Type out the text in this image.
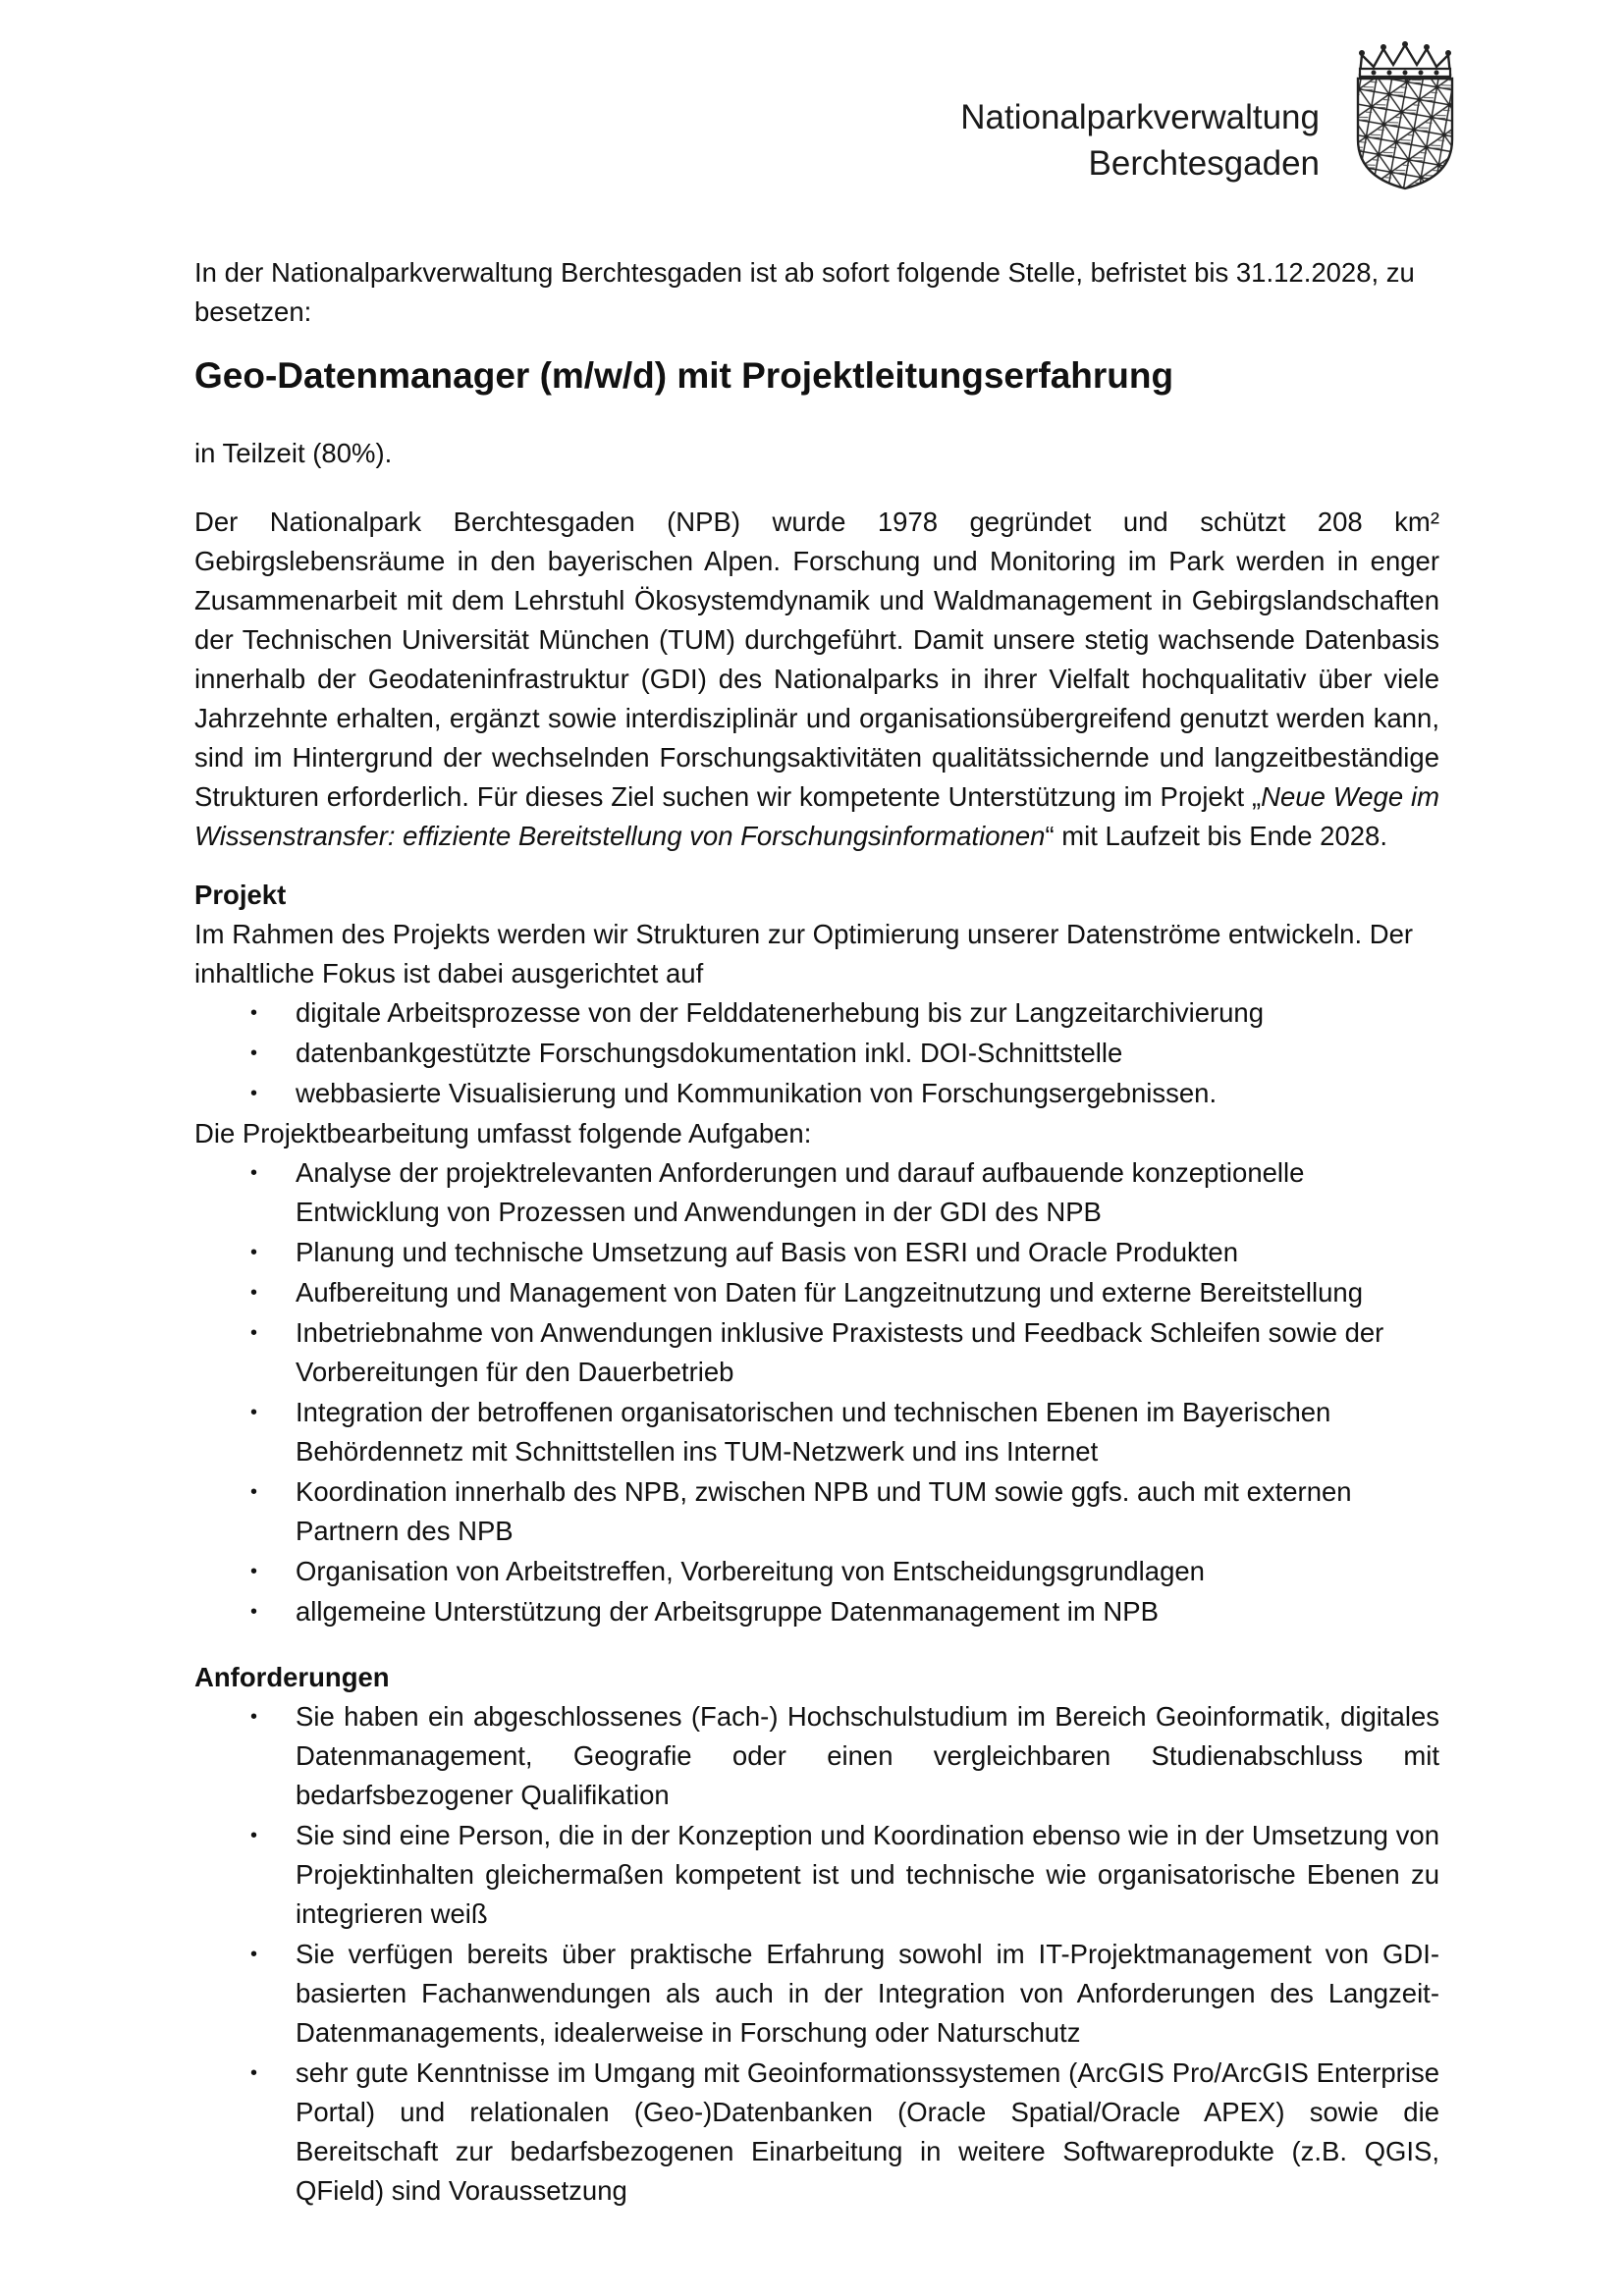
Nationalparkverwaltung
Berchtesgaden

In der Nationalparkverwaltung Berchtesgaden ist ab sofort folgende Stelle, befristet bis 31.12.2028, zu besetzen:

Geo-Datenmanager (m/w/d) mit Projektleitungserfahrung

in Teilzeit (80%).

Der Nationalpark Berchtesgaden (NPB) wurde 1978 gegründet und schützt 208 km² Gebirgslebensräume in den bayerischen Alpen. Forschung und Monitoring im Park werden in enger Zusammenarbeit mit dem Lehrstuhl Ökosystemdynamik und Waldmanagement in Gebirgslandschaften der Technischen Universität München (TUM) durchgeführt. Damit unsere stetig wachsende Datenbasis innerhalb der Geodateninfrastruktur (GDI) des Nationalparks in ihrer Vielfalt hochqualitativ über viele Jahrzehnte erhalten, ergänzt sowie interdisziplinär und organisationsübergreifend genutzt werden kann, sind im Hintergrund der wechselnden Forschungsaktivitäten qualitätssichernde und langzeitbeständige Strukturen erforderlich. Für dieses Ziel suchen wir kompetente Unterstützung im Projekt „Neue Wege im Wissenstransfer: effiziente Bereitstellung von Forschungsinformationen“ mit Laufzeit bis Ende 2028.

Projekt

Im Rahmen des Projekts werden wir Strukturen zur Optimierung unserer Datenströme entwickeln. Der inhaltliche Fokus ist dabei ausgerichtet auf

• digitale Arbeitsprozesse von der Felddatenerhebung bis zur Langzeitarchivierung
• datenbankgestützte Forschungsdokumentation inkl. DOI-Schnittstelle
• webbasierte Visualisierung und Kommunikation von Forschungsergebnissen.

Die Projektbearbeitung umfasst folgende Aufgaben:

• Analyse der projektrelevanten Anforderungen und darauf aufbauende konzeptionelle Entwicklung von Prozessen und Anwendungen in der GDI des NPB
• Planung und technische Umsetzung auf Basis von ESRI und Oracle Produkten
• Aufbereitung und Management von Daten für Langzeitnutzung und externe Bereitstellung
• Inbetriebnahme von Anwendungen inklusive Praxistests und Feedback Schleifen sowie der Vorbereitungen für den Dauerbetrieb
• Integration der betroffenen organisatorischen und technischen Ebenen im Bayerischen Behördennetz mit Schnittstellen ins TUM-Netzwerk und ins Internet
• Koordination innerhalb des NPB, zwischen NPB und TUM sowie ggfs. auch mit externen Partnern des NPB
• Organisation von Arbeitstreffen, Vorbereitung von Entscheidungsgrundlagen
• allgemeine Unterstützung der Arbeitsgruppe Datenmanagement im NPB

Anforderungen

• Sie haben ein abgeschlossenes (Fach-) Hochschulstudium im Bereich Geoinformatik, digitales Datenmanagement, Geografie oder einen vergleichbaren Studienabschluss mit bedarfsbezogener Qualifikation
• Sie sind eine Person, die in der Konzeption und Koordination ebenso wie in der Umsetzung von Projektinhalten gleichermaßen kompetent ist und technische wie organisatorische Ebenen zu integrieren weiß
• Sie verfügen bereits über praktische Erfahrung sowohl im IT-Projektmanagement von GDI-basierten Fachanwendungen als auch in der Integration von Anforderungen des Langzeit-Datenmanagements, idealerweise in Forschung oder Naturschutz
• sehr gute Kenntnisse im Umgang mit Geoinformationssystemen (ArcGIS Pro/ArcGIS Enterprise Portal) und relationalen (Geo-)Datenbanken (Oracle Spatial/Oracle APEX) sowie die Bereitschaft zur bedarfsbezogenen Einarbeitung in weitere Softwareprodukte (z.B. QGIS, QField) sind Voraussetzung
